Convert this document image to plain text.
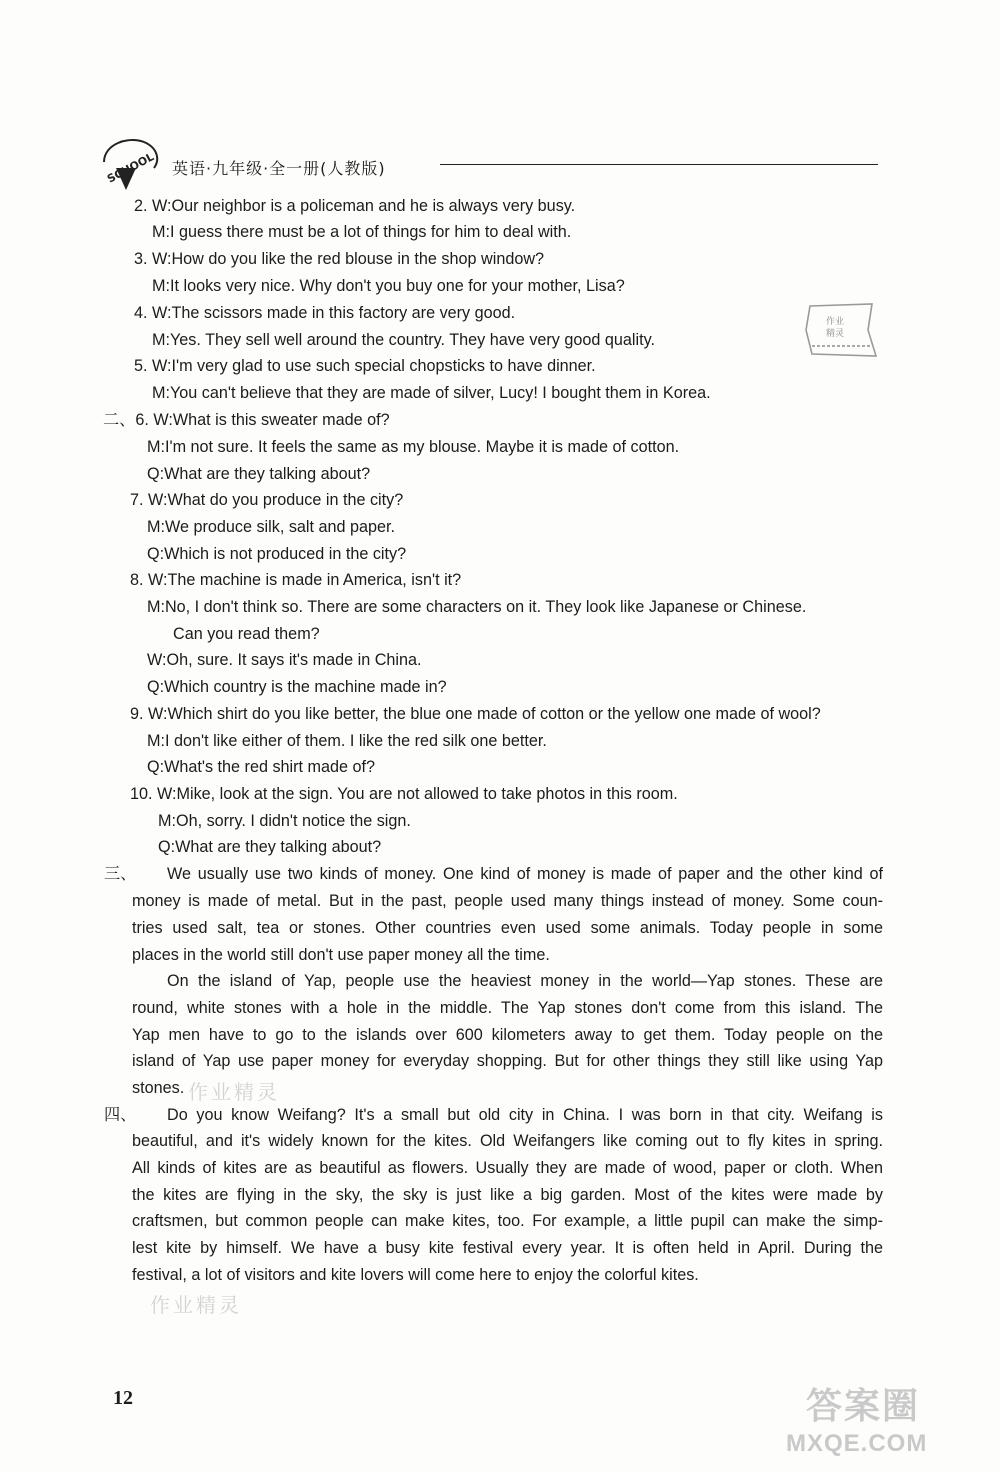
SCHOOL 英语·九年级·全一册(人教版)
作业
精灵
2. W:Our neighbor is a policeman and he is always very busy.
M:I guess there must be a lot of things for him to deal with.
3. W:How do you like the red blouse in the shop window?
M:It looks very nice. Why don't you buy one for your mother, Lisa?
4. W:The scissors made in this factory are very good.
M:Yes. They sell well around the country. They have very good quality.
5. W:I'm very glad to use such special chopsticks to have dinner.
M:You can't believe that they are made of silver, Lucy! I bought them in Korea.
二、6. W:What is this sweater made of?
M:I'm not sure. It feels the same as my blouse. Maybe it is made of cotton.
Q:What are they talking about?
7. W:What do you produce in the city?
M:We produce silk, salt and paper.
Q:Which is not produced in the city?
8. W:The machine is made in America, isn't it?
M:No, I don't think so. There are some characters on it. They look like Japanese or Chinese.
Can you read them?
W:Oh, sure. It says it's made in China.
Q:Which country is the machine made in?
9. W:Which shirt do you like better, the blue one made of cotton or the yellow one made of wool?
M:I don't like either of them. I like the red silk one better.
Q:What's the red shirt made of?
10. W:Mike, look at the sign. You are not allowed to take photos in this room.
M:Oh, sorry. I didn't notice the sign.
Q:What are they talking about?
三、 We usually use two kinds of money. One kind of money is made of paper and the other kind of
money is made of metal. But in the past, people used many things instead of money. Some coun-
tries used salt, tea or stones. Other countries even used some animals. Today people in some
places in the world still don't use paper money all the time.
On the island of Yap, people use the heaviest money in the world—Yap stones. These are
round, white stones with a hole in the middle. The Yap stones don't come from this island. The
Yap men have to go to the islands over 600 kilometers away to get them. Today people on the
island of Yap use paper money for everyday shopping. But for other things they still like using Yap
stones. 作业精灵
四、 Do you know Weifang? It's a small but old city in China. I was born in that city. Weifang is
beautiful, and it's widely known for the kites. Old Weifangers like coming out to fly kites in spring.
All kinds of kites are as beautiful as flowers. Usually they are made of wood, paper or cloth. When
the kites are flying in the sky, the sky is just like a big garden. Most of the kites were made by
craftsmen, but common people can make kites, too. For example, a little pupil can make the simp-
lest kite by himself. We have a busy kite festival every year. It is often held in April. During the
festival, a lot of visitors and kite lovers will come here to enjoy the colorful kites.
作业精灵
12	答案圈
MXQE.COM
